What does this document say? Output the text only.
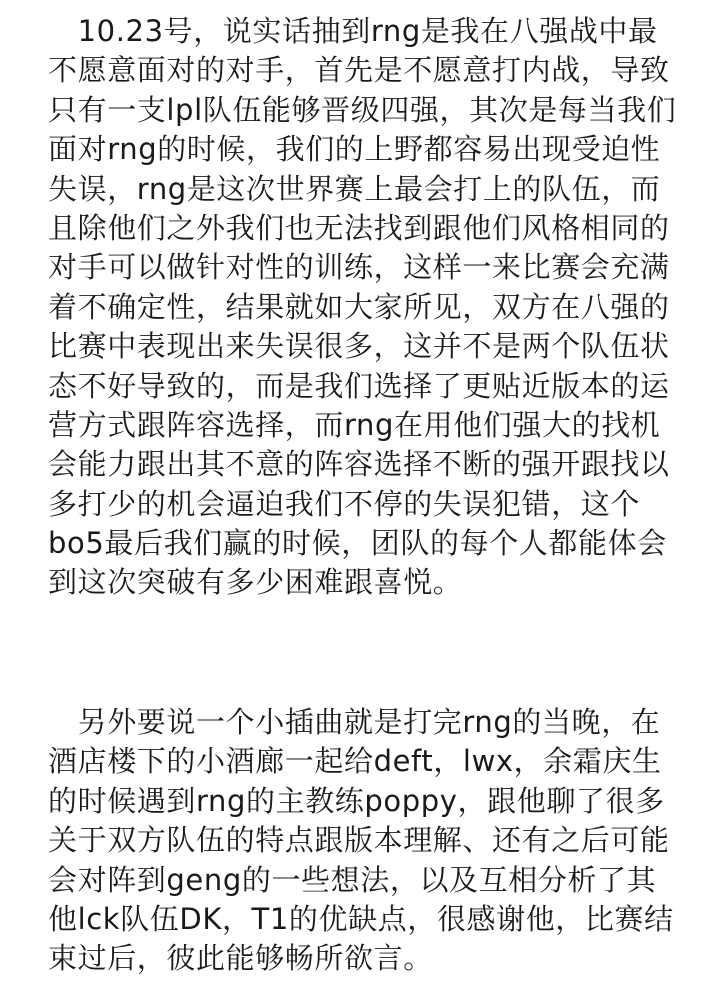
　10.23号，说实话抽到rng是我在八强战中最
不愿意面对的对手，首先是不愿意打内战，导致
只有一支lpl队伍能够晋级四强，其次是每当我们
面对rng的时候，我们的上野都容易出现受迫性
失误，rng是这次世界赛上最会打上的队伍，而
且除他们之外我们也无法找到跟他们风格相同的
对手可以做针对性的训练，这样一来比赛会充满
着不确定性，结果就如大家所见，双方在八强的
比赛中表现出来失误很多，这并不是两个队伍状
态不好导致的，而是我们选择了更贴近版本的运
营方式跟阵容选择，而rng在用他们强大的找机
会能力跟出其不意的阵容选择不断的强开跟找以
多打少的机会逼迫我们不停的失误犯错，这个
bo5最后我们赢的时候，团队的每个人都能体会
到这次突破有多少困难跟喜悦。
　另外要说一个小插曲就是打完rng的当晚，在
酒店楼下的小酒廊一起给deft，lwx，余霜庆生
的时候遇到rng的主教练poppy，跟他聊了很多
关于双方队伍的特点跟版本理解、还有之后可能
会对阵到geng的一些想法，以及互相分析了其
他lck队伍DK，T1的优缺点，很感谢他，比赛结
束过后，彼此能够畅所欲言。
